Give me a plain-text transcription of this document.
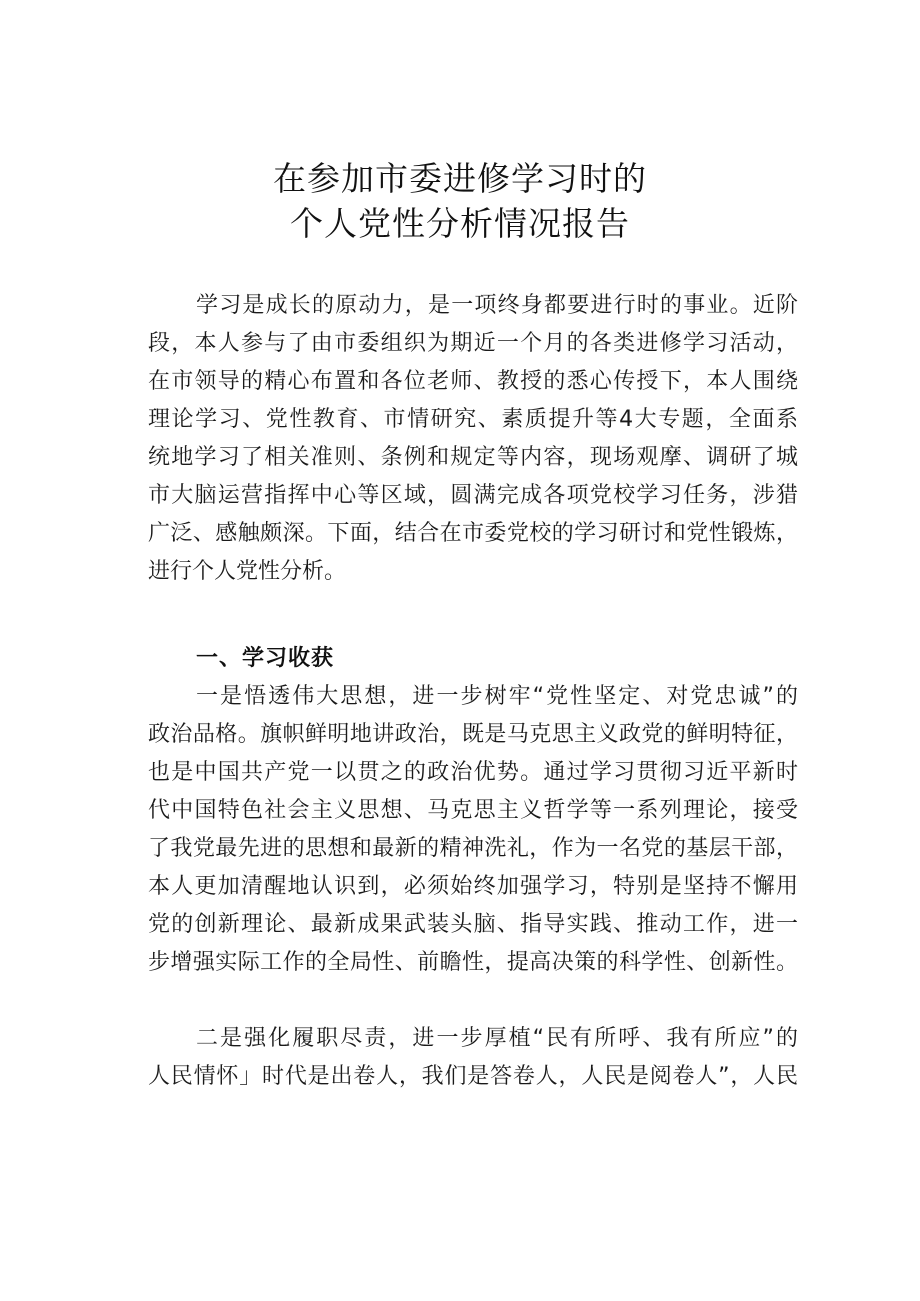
在参加市委进修学习时的
个人党性分析情况报告
学习是成长的原动力，是一项终身都要进行时的事业。近阶
段，本人参与了由市委组织为期近一个月的各类进修学习活动，
在市领导的精心布置和各位老师、教授的悉心传授下，本人围绕
理论学习、党性教育、市情研究、素质提升等4大专题，全面系
统地学习了相关准则、条例和规定等内容，现场观摩、调研了城
市大脑运营指挥中心等区域，圆满完成各项党校学习任务，涉猎
广泛、感触颇深。下面，结合在市委党校的学习研讨和党性锻炼，
进行个人党性分析。
一、学习收获
一是悟透伟大思想，进一步树牢“党性坚定、对党忠诚”的
政治品格。旗帜鲜明地讲政治，既是马克思主义政党的鲜明特征，
也是中国共产党一以贯之的政治优势。通过学习贯彻习近平新时
代中国特色社会主义思想、马克思主义哲学等一系列理论，接受
了我党最先进的思想和最新的精神洗礼，作为一名党的基层干部，
本人更加清醒地认识到，必须始终加强学习，特别是坚持不懈用
党的创新理论、最新成果武装头脑、指导实践、推动工作，进一
步增强实际工作的全局性、前瞻性，提高决策的科学性、创新性。
二是强化履职尽责，进一步厚植“民有所呼、我有所应”的
人民情怀」时代是出卷人，我们是答卷人，人民是阅卷人”，人民
